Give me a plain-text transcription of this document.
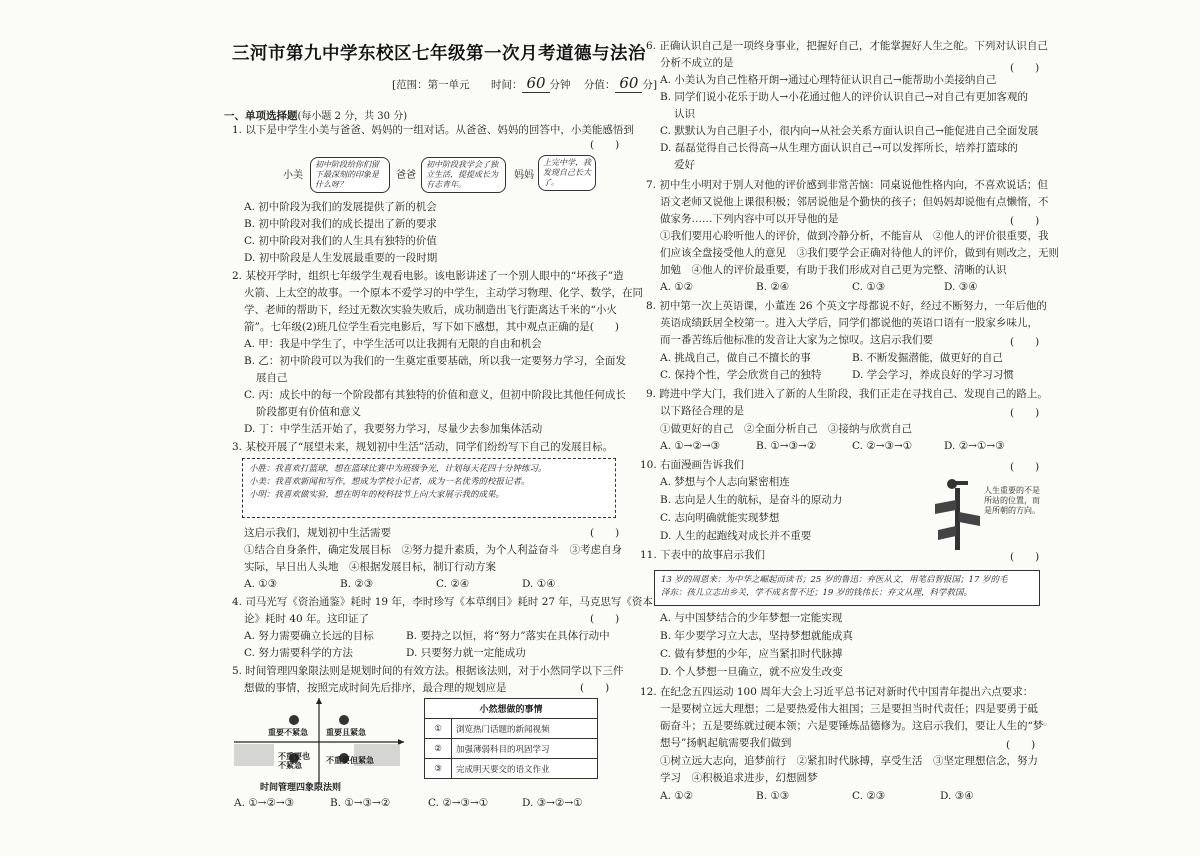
三河市第九中学东校区七年级第一次月考道德与法治
[范围：第一单元 时间： 60 分钟 分值： 60 分]
一、单项选择题(每小题 2 分，共 30 分)
1. 以下是中学生小美与爸爸、妈妈的一组对话。从爸爸、妈妈的回答中，小美能感悟到
(　　)
小美
初中阶段给你们留下最深刻的印象是什么呀？
爸爸
初中阶段我学会了独立生活，提提成长为有志青年。
妈妈
上完中学，我发现自己长大了。
A. 初中阶段为我们的发展提供了新的机会
B. 初中阶段对我们的成长提出了新的要求
C. 初中阶段对我们的人生具有独特的价值
D. 初中阶段是人生发展最重要的一段时期
2. 某校开学时，组织七年级学生观看电影。该电影讲述了一个别人眼中的“坏孩子”造
火箭、上太空的故事。一个原本不爱学习的中学生，主动学习物理、化学、数学，在同
学、老师的帮助下，经过无数次实验失败后，成功制造出飞行距离达千米的“小火
箭”。七年级(2)班几位学生看完电影后，写下如下感想，其中观点正确的是(　　)
A. 甲：我是中学生了，中学生活可以让我拥有无限的自由和机会
B. 乙：初中阶段可以为我们的一生奠定重要基础，所以我一定要努力学习，全面发
展自己
C. 丙：成长中的每一个阶段都有其独特的价值和意义，但初中阶段比其他任何成长
阶段都更有价值和意义
D. 丁：中学生活开始了，我要努力学习，尽量少去参加集体活动
3. 某校开展了“展望未来，规划初中生活”活动，同学们纷纷写下自己的发展目标。
小胜：我喜欢打篮球，想在篮球比赛中为班级争光，计划每天花四十分钟练习。
小美：我喜欢新闻和写作，想成为学校小记者，成为一名优秀的校报记者。
小明：我喜欢做实验，想在明年的校科技节上向大家展示我的成果。
这启示我们，规划初中生活需要	(　　)
①结合自身条件，确定发展目标　②努力提升素质，为个人利益奋斗　③考虑自身
实际，早日出人头地　④根据发展目标，制订行动方案
A. ①③	B. ②③	C. ②④	D. ①④
4. 司马光写《资治通鉴》耗时 19 年，李时珍写《本草纲目》耗时 27 年，马克思写《资本
论》耗时 40 年。这印证了	(　　)
A. 努力需要确立长远的目标	B. 要持之以恒，将“努力”落实在具体行动中
C. 努力需要科学的方法	D. 只要努力就一定能成功
5. 时间管理四象限法则是规划时间的有效方法。根据该法则，对于小然同学以下三件
想做的事情，按照完成时间先后排序，最合理的规划应是	(　　)
重要不紧急 重要且紧急
不重要也不紧急	不重要但紧急
时间管理四象限法则
小然想做的事情	
①	浏览热门话题的新闻视频
②	加强薄弱科目的巩固学习
③	完成明天要交的语文作业
A. ①→②→③	B. ①→③→②	C. ②→③→①	D. ③→②→①
6. 正确认识自己是一项终身事业，把握好自己，才能掌握好人生之舵。下列对认识自己
分析不成立的是	(　　)
A. 小美认为自己性格开朗→通过心理特征认识自己→能帮助小美接纳自己
B. 同学们说小花乐于助人→小花通过他人的评价认识自己→对自己有更加客观的
认识
C. 默默认为自己胆子小，很内向→从社会关系方面认识自己→能促进自己全面发展
D. 磊磊觉得自己长得高→从生理方面认识自己→可以发挥所长，培养打篮球的
爱好
7. 初中生小明对于别人对他的评价感到非常苦恼：同桌说他性格内向，不喜欢说话；但
语文老师又说他上课很积极；邻居说他是个勤快的孩子；但妈妈却说他有点懒惰，不
做家务……下列内容中可以开导他的是	(　　)
①我们要用心聆听他人的评价，做到冷静分析，不能盲从　②他人的评价很重要，我
们应该全盘接受他人的意见　③我们要学会正确对待他人的评价，做到有则改之，无则
加勉　④他人的评价最重要，有助于我们形成对自己更为完整、清晰的认识
A. ①②	B. ②④	C. ①③	D. ③④
8. 初中第一次上英语课，小董连 26 个英文字母都说不好，经过不断努力，一年后他的
英语成绩跃居全校第一。进入大学后，同学们都说他的英语口语有一股家乡味儿，
而一番苦练后他标准的发音让大家为之惊叹。这启示我们要	(　　)
A. 挑战自己，做自己不擅长的事	B. 不断发掘潜能，做更好的自己
C. 保持个性，学会欣赏自己的独特	D. 学会学习，养成良好的学习习惯
9. 跨进中学大门，我们进入了新的人生阶段，我们正走在寻找自己、发现自己的路上。
以下路径合理的是	(　　)
①做更好的自己　②全面分析自己　③接纳与欣赏自己
A. ①→②→③	B. ①→③→②	C. ②→③→①	D. ②→①→③
10. 右面漫画告诉我们	(　　)
A. 梦想与个人志向紧密相连
B. 志向是人生的航标，是奋斗的原动力
C. 志向明确就能实现梦想
D. 人生的起跑线对成长并不重要
人生重要的不是所站的位置，而是所朝的方向。
11. 下表中的故事启示我们	(　　)
13 岁的周恩来：为中华之崛起而读书；25 岁的鲁迅：弃医从文，用笔启智报国；17 岁的毛
泽东：孩儿立志出乡关，学不成名誓不还；19 岁的钱伟长：弃文从理，科学救国。
A. 与中国梦结合的少年梦想一定能实现
B. 年少要学习立大志，坚持梦想就能成真
C. 做有梦想的少年，应当紧扣时代脉搏
D. 个人梦想一旦确立，就不应发生改变
12. 在纪念五四运动 100 周年大会上习近平总书记对新时代中国青年提出六点要求：
一是要树立远大理想；二是要热爱伟大祖国；三是要担当时代责任；四是要勇于砥
砺奋斗；五是要练就过硬本领；六是要锤炼品德修为。这启示我们，要让人生的“梦
想号”扬帆起航需要我们做到	(　　)
①树立远大志向，追梦前行　②紧扣时代脉搏，享受生活　③坚定理想信念，努力
学习　④积极追求进步，幻想圆梦
A. ①②	B. ①③	C. ②③	D. ③④
◦
